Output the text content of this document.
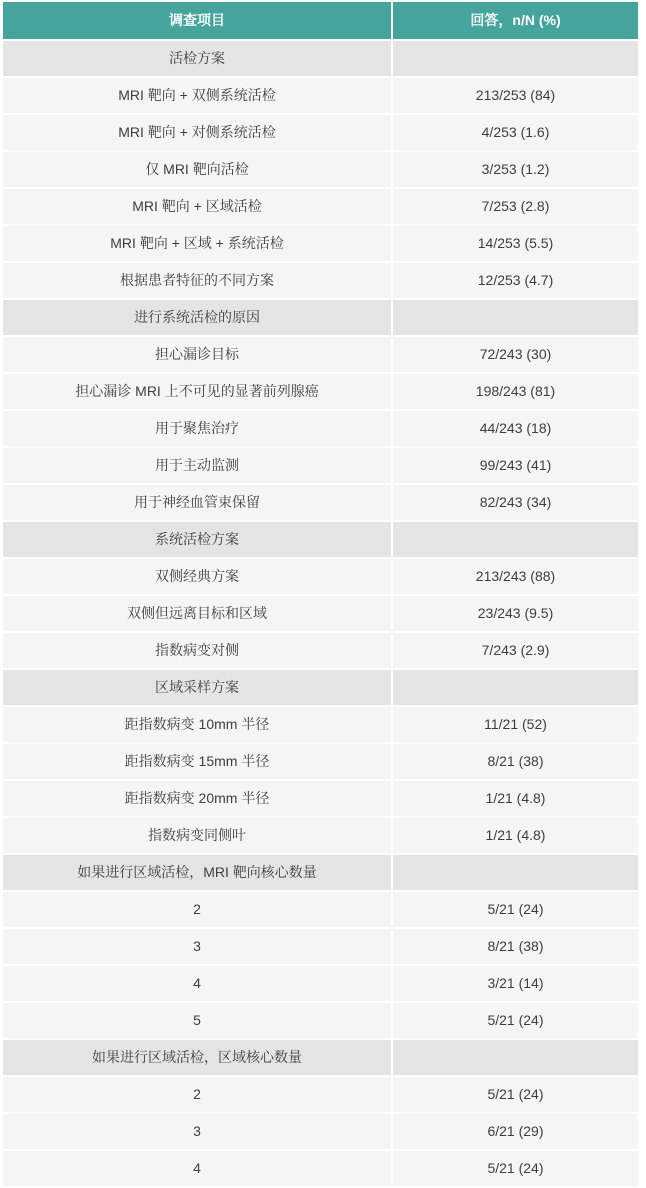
调查项目	回答，n/N (%)
活检方案
MRI 靶向 + 双侧系统活检	213/253 (84)
MRI 靶向 + 对侧系统活检	4/253 (1.6)
仅 MRI 靶向活检	3/253 (1.2)
MRI 靶向 + 区域活检	7/253 (2.8)
MRI 靶向 + 区域 + 系统活检	14/253 (5.5)
根据患者特征的不同方案	12/253 (4.7)
进行系统活检的原因
担心漏诊目标	72/243 (30)
担心漏诊 MRI 上不可见的显著前列腺癌	198/243 (81)
用于聚焦治疗	44/243 (18)
用于主动监测	99/243 (41)
用于神经血管束保留	82/243 (34)
系统活检方案
双侧经典方案	213/243 (88)
双侧但远离目标和区域	23/243 (9.5)
指数病变对侧	7/243 (2.9)
区域采样方案
距指数病变 10mm 半径	11/21 (52)
距指数病变 15mm 半径	8/21 (38)
距指数病变 20mm 半径	1/21 (4.8)
指数病变同侧叶	1/21 (4.8)
如果进行区域活检，MRI 靶向核心数量
2	5/21 (24)
3	8/21 (38)
4	3/21 (14)
5	5/21 (24)
如果进行区域活检，区域核心数量
2	5/21 (24)
3	6/21 (29)
4	5/21 (24)
